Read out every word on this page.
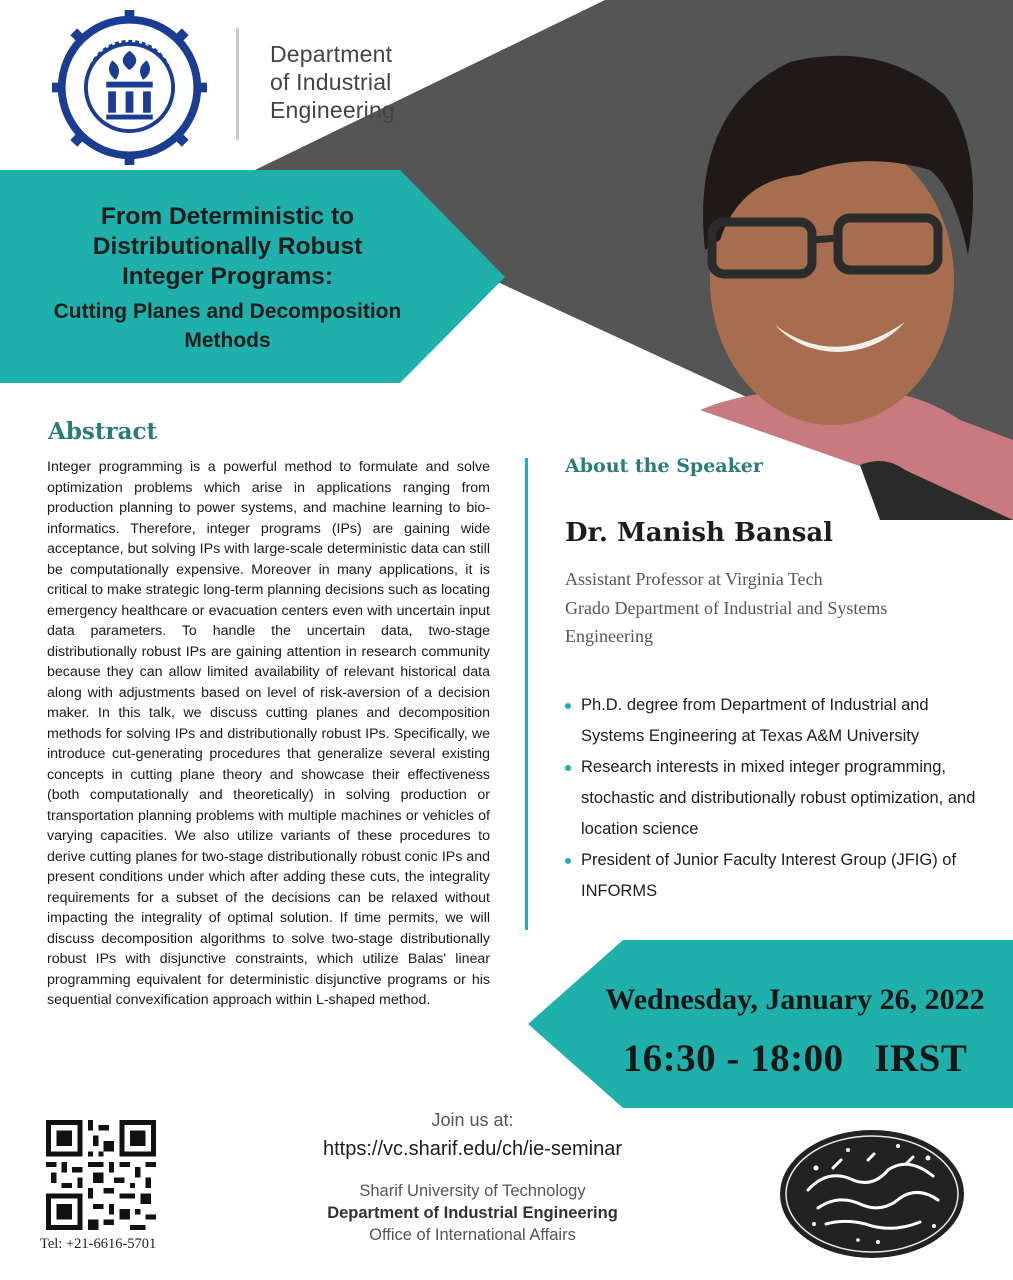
Department
of Industrial
Engineering
From Deterministic to
Distributionally Robust
Integer Programs:
Cutting Planes and Decomposition
Methods
Abstract
Integer programming is a powerful method to formulate and solve optimization problems which arise in applications ranging from production planning to power systems, and machine learning to bio-informatics. Therefore, integer programs (IPs) are gaining wide acceptance, but solving IPs with large-scale deterministic data can still be computationally expensive. Moreover in many applications, it is critical to make strategic long-term planning decisions such as locating emergency healthcare or evacuation centers even with uncertain input data parameters. To handle the uncertain data, two-stage distributionally robust IPs are gaining attention in research community because they can allow limited availability of relevant historical data along with adjustments based on level of risk-aversion of a decision maker. In this talk, we discuss cutting planes and decomposition methods for solving IPs and distributionally robust IPs. Specifically, we introduce cut-generating procedures that generalize several existing concepts in cutting plane theory and showcase their effectiveness (both computationally and theoretically) in solving production or transportation planning problems with multiple machines or vehicles of varying capacities. We also utilize variants of these procedures to derive cutting planes for two-stage distributionally robust conic IPs and present conditions under which after adding these cuts, the integrality requirements for a subset of the decisions can be relaxed without impacting the integrality of optimal solution. If time permits, we will discuss decomposition algorithms to solve two-stage distributionally robust IPs with disjunctive constraints, which utilize Balas' linear programming equivalent for deterministic disjunctive programs or his sequential convexification approach within L-shaped method.
About the Speaker
Dr. Manish Bansal
Assistant Professor at Virginia Tech
Grado Department of Industrial and Systems
Engineering
Ph.D. degree from Department of Industrial and Systems Engineering at Texas A&M University
Research interests in mixed integer programming, stochastic and distributionally robust optimization, and location science
President of Junior Faculty Interest Group (JFIG) of INFORMS
Wednesday, January 26, 2022
16:30 - 18:00   IRST
Join us at:
https://vc.sharif.edu/ch/ie-seminar
Sharif University of Technology
Department of Industrial Engineering
Office of International Affairs
Tel: +21-6616-5701
